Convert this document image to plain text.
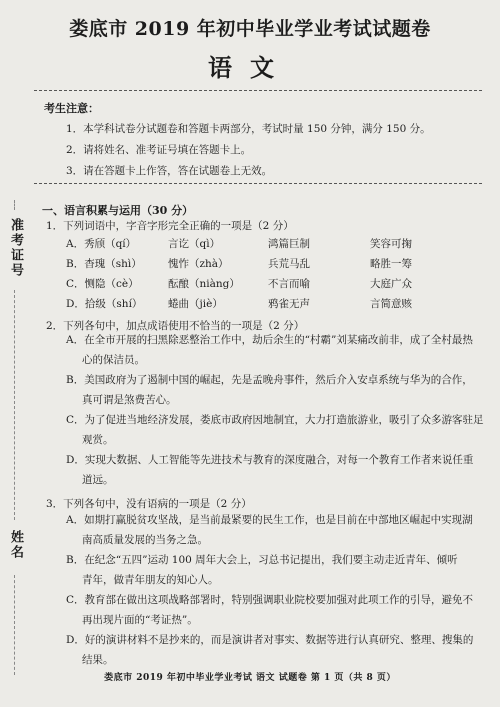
娄底市 2019 年初中毕业学业考试试题卷
语文
考生注意：
1．本学科试卷分试题卷和答题卡两部分，考试时量 150 分钟，满分 150 分。
2．请将姓名、准考证号填在答题卡上。
3．请在答题卡上作答，答在试题卷上无效。
准考证号
姓名
一、语言积累与运用（30 分）
1．下列词语中，字音字形完全正确的一项是（2 分）
A．秀颀（qí）	言讫（qì）	鸿篇巨制	笑容可掬
B．杳瑰（shì）	愧怍（zhà）	兵荒马乱	略胜一筹
C．恻隐（cè）	酝酿（niàng）	不言而喻	大庭广众
D．拾级（shí） 蜷曲（jiè）	鸦雀无声	言简意赅
2．下列各句中，加点成语使用不恰当的一项是（2 分）
A．在全市开展的扫黑除恶整治工作中，劫后余生的“村霸”刘某痛改前非，成了全村最热
心的保洁员。
B．美国政府为了遏制中国的崛起，先是孟晚舟事件，然后介入安卓系统与华为的合作，
真可谓是煞费苦心。
C．为了促进当地经济发展，娄底市政府因地制宜，大力打造旅游业，吸引了众多游客驻足
观赏。
D．实现大数据、人工智能等先进技术与教育的深度融合，对每一个教育工作者来说任重
道远。
3．下列各句中，没有语病的一项是（2 分）
A．如期打赢脱贫攻坚战，是当前最紧要的民生工作，也是目前在中部地区崛起中实现湖
南高质量发展的当务之急。
B．在纪念“五四”运动 100 周年大会上，习总书记提出，我们要主动走近青年、倾听
青年，做青年朋友的知心人。
C．教育部在做出这项战略部署时，特别强调职业院校要加强对此项工作的引导，避免不
再出现片面的“考证热”。
D．好的演讲材料不是抄来的，而是演讲者对事实、数据等进行认真研究、整理、搜集的
结果。
娄底市 2019 年初中毕业学业考试 语文 试题卷 第 1 页（共 8 页）
